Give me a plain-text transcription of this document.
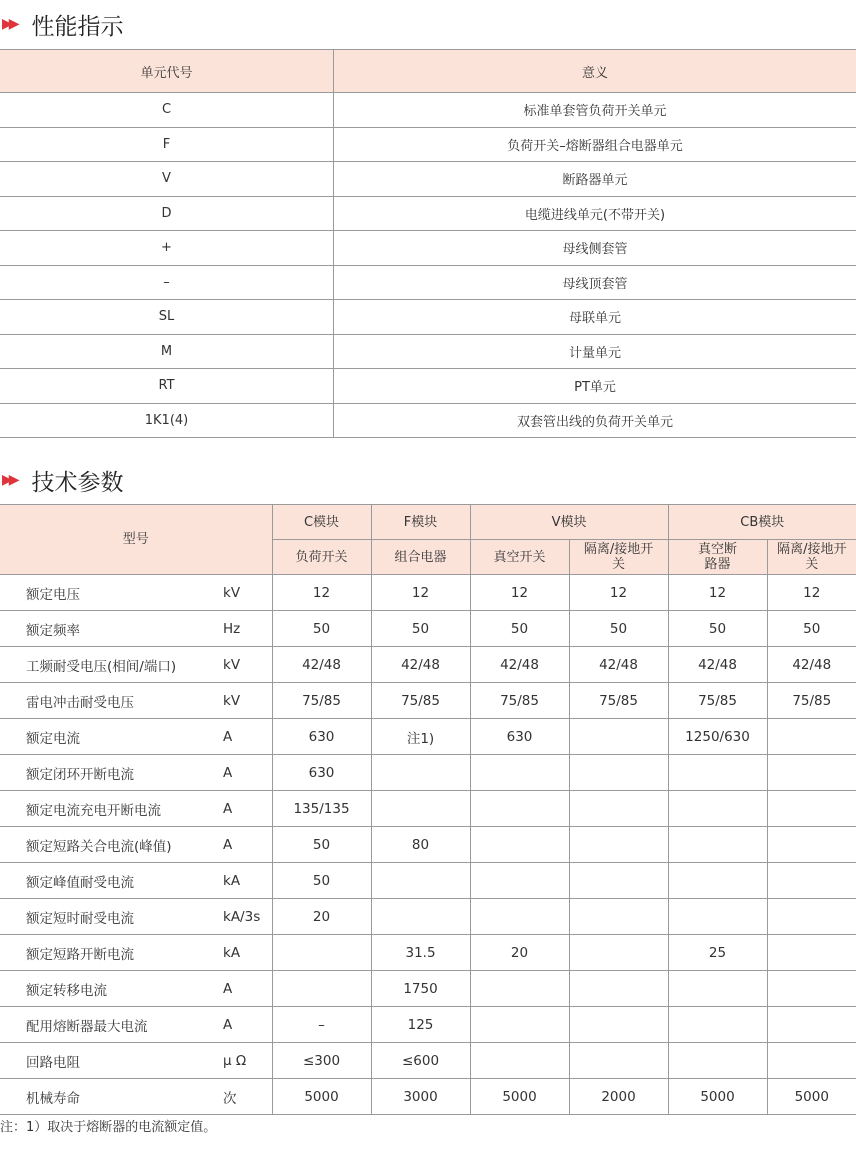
▶▶ 性能指示
单元代号	意义
C	标准单套管负荷开关单元
F	负荷开关–熔断器组合电器单元
V	断路器单元
D	电缆进线单元(不带开关)
+	母线侧套管
–	母线顶套管
SL	母联单元
M	计量单元
RT	PT单元
1K1(4)	双套管出线的负荷开关单元
▶▶ 技术参数
型号		C模块	F模块	V模块		CB模块	
		负荷开关	组合电器	真空开关	隔离/接地开关	真空断路器	隔离/接地开关
额定电压	kV	12	12	12	12	12	12
额定频率	Hz	50	50	50	50	50	50
工频耐受电压(相间/端口)	kV	42/48	42/48	42/48	42/48	42/48	42/48
雷电冲击耐受电压	kV	75/85	75/85	75/85	75/85	75/85	75/85
额定电流	A	630	注1)	630		1250/630	
额定闭环开断电流	A	630					
额定电流充电开断电流	A	135/135					
额定短路关合电流(峰值)	A	50	80				
额定峰值耐受电流	kA	50					
额定短时耐受电流	kA/3s	20					
额定短路开断电流	kA		31.5	20		25	
额定转移电流	A		1750				
配用熔断器最大电流	A	–	125				
回路电阻	μ Ω	≤300	≤600				
机械寿命	次	5000	3000	5000	2000	5000	5000
注：1）取决于熔断器的电流额定值。
